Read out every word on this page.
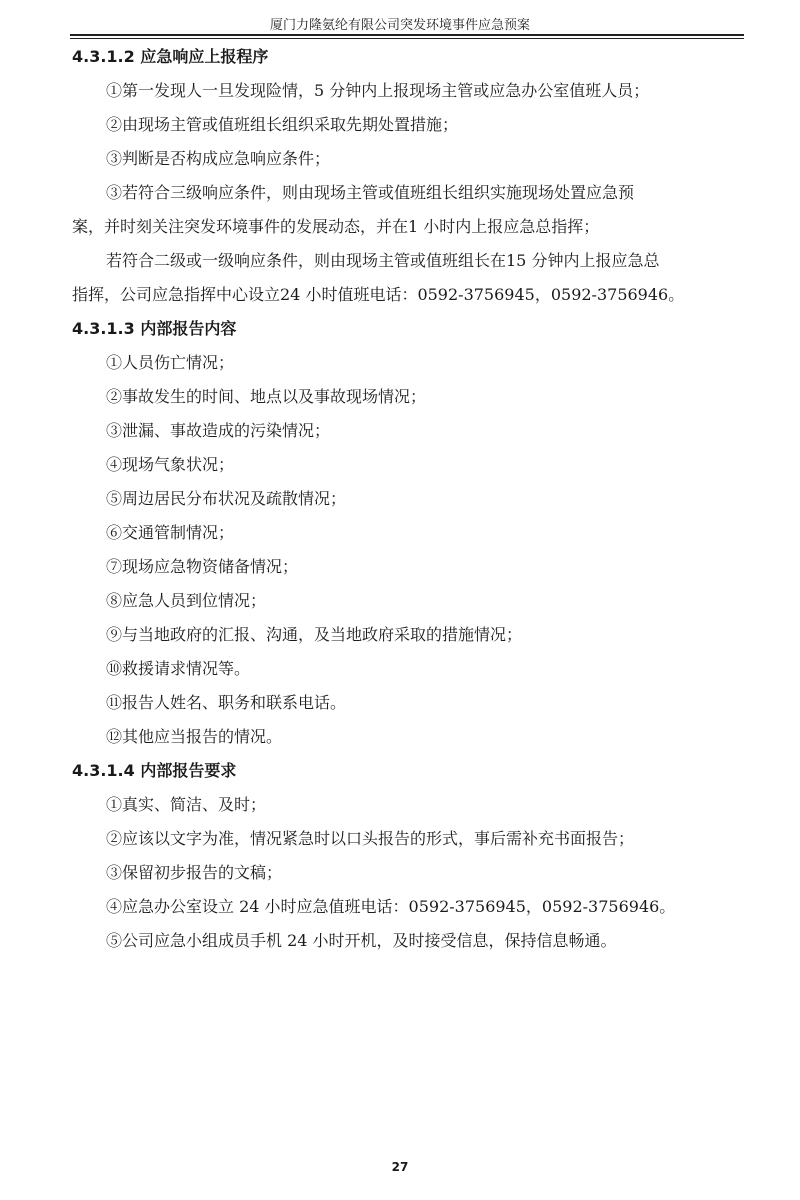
厦门力隆氨纶有限公司突发环境事件应急预案
4.3.1.2 应急响应上报程序
①第一发现人一旦发现险情，5 分钟内上报现场主管或应急办公室值班人员；
②由现场主管或值班组长组织采取先期处置措施；
③判断是否构成应急响应条件；
③若符合三级响应条件，则由现场主管或值班组长组织实施现场处置应急预
案，并时刻关注突发环境事件的发展动态，并在1 小时内上报应急总指挥；
若符合二级或一级响应条件，则由现场主管或值班组长在15 分钟内上报应急总
指挥，公司应急指挥中心设立24 小时值班电话：0592-3756945，0592-3756946。
4.3.1.3 内部报告内容
①人员伤亡情况；
②事故发生的时间、地点以及事故现场情况；
③泄漏、事故造成的污染情况；
④现场气象状况；
⑤周边居民分布状况及疏散情况；
⑥交通管制情况；
⑦现场应急物资储备情况；
⑧应急人员到位情况；
⑨与当地政府的汇报、沟通，及当地政府采取的措施情况；
⑩救援请求情况等。
⑪报告人姓名、职务和联系电话。
⑫其他应当报告的情况。
4.3.1.4 内部报告要求
①真实、简洁、及时；
②应该以文字为准，情况紧急时以口头报告的形式，事后需补充书面报告；
③保留初步报告的文稿；
④应急办公室设立 24 小时应急值班电话：0592-3756945，0592-3756946。
⑤公司应急小组成员手机 24 小时开机，及时接受信息，保持信息畅通。
27
